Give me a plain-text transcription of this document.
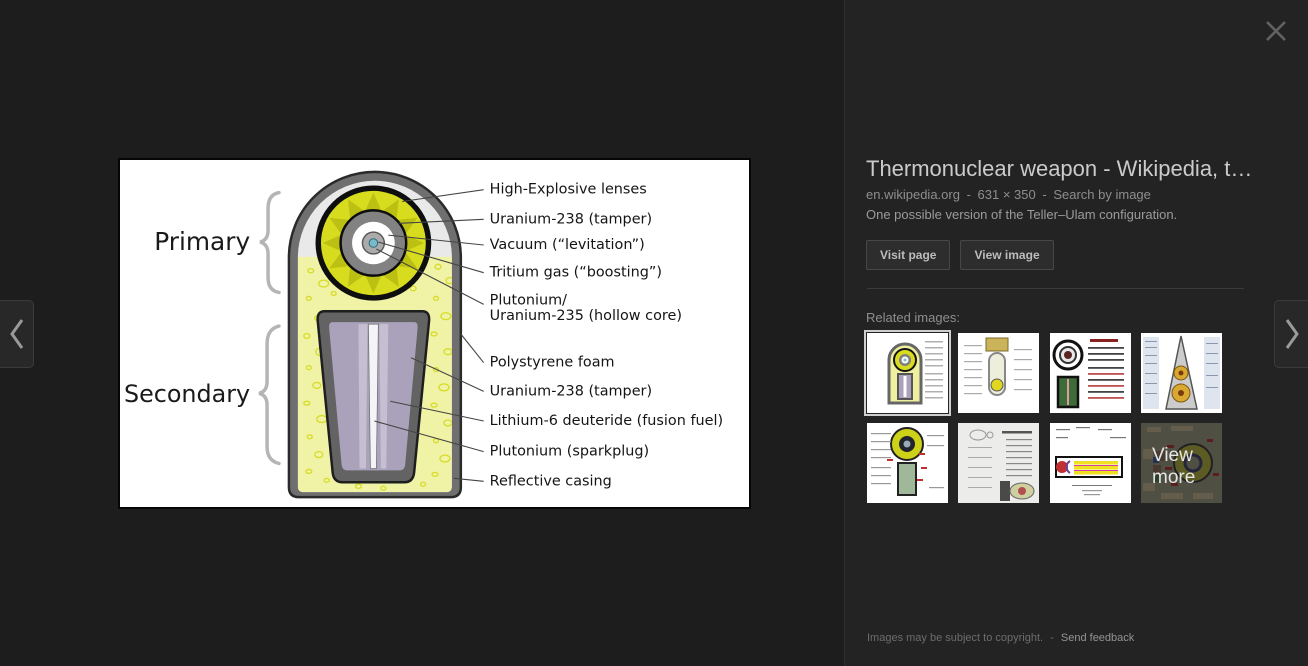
High-Explosive lenses
Uranium-238 (tamper)
Vacuum (“levitation”)
Tritium gas (“boosting”)
Plutonium/
Uranium-235 (hollow core)
Polystyrene foam
Uranium-238 (tamper)
Lithium-6 deuteride (fusion fuel)
Plutonium (sparkplug)
Reflective casing
Primary
Secondary
Thermonuclear weapon - Wikipedia, t…
en.wikipedia.org - 631 × 350 - Search by image
One possible version of the Teller–Ulam configuration.
Visit page	View image
Related images:
View more
Images may be subject to copyright. - Send feedback
